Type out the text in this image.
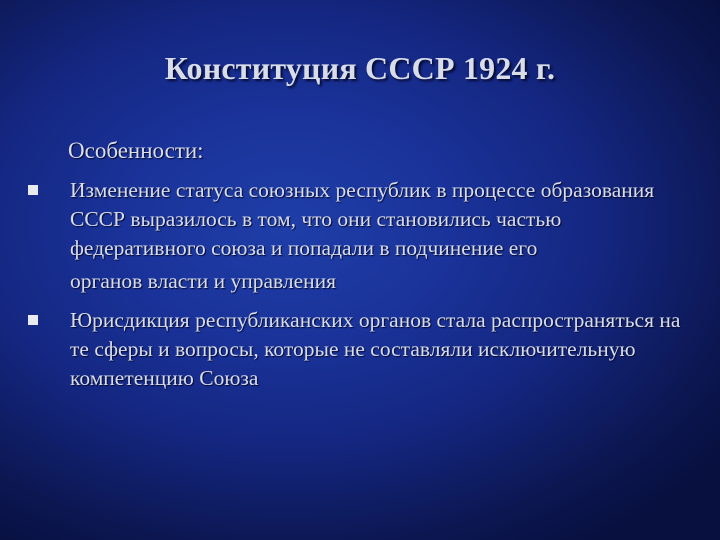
Конституция СССР 1924 г.
Особенности:
Изменение статуса союзных республик в процессе образования СССР выразилось в том, что они становились частью федеративного союза и попадали в подчинение его
органов власти и управления
Юрисдикция республиканских органов стала распространяться на те сферы и вопросы, которые не составляли исключительную компетенцию Союза
